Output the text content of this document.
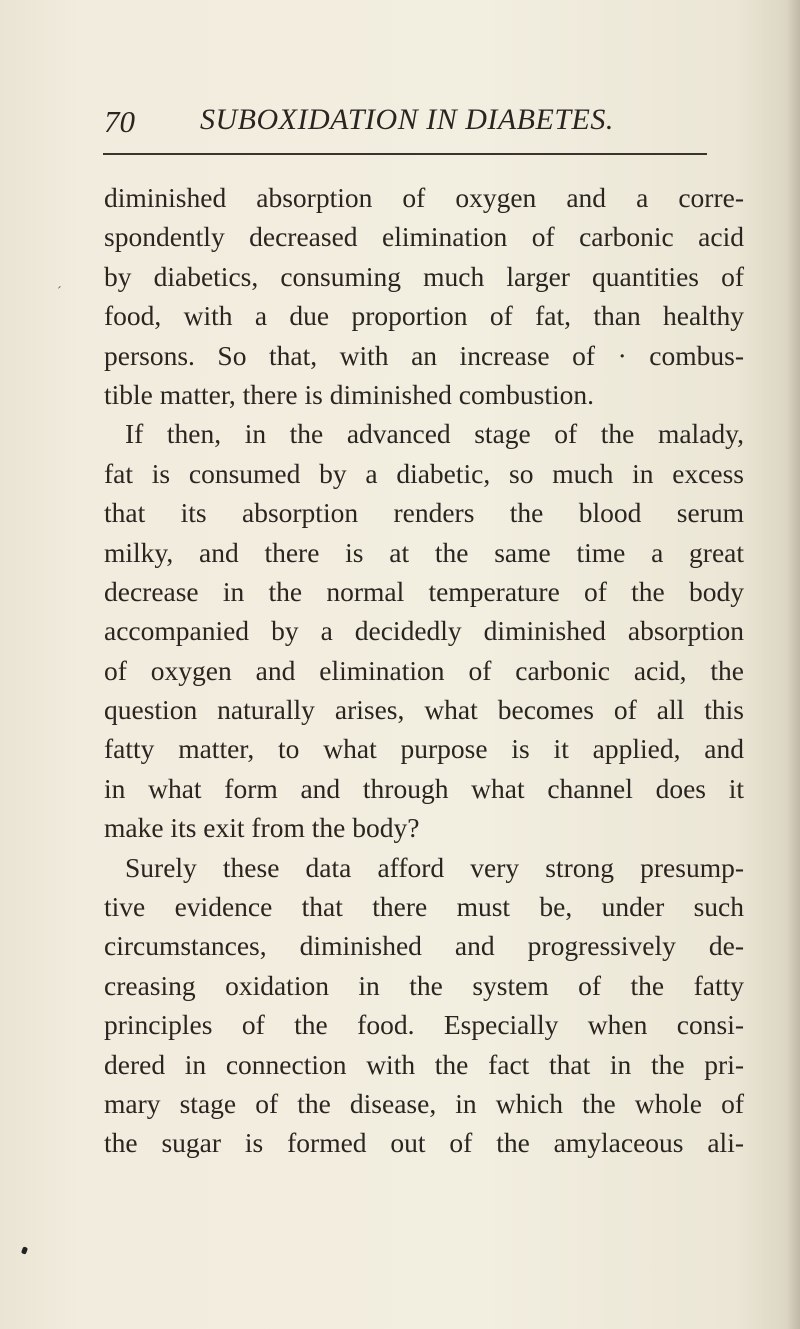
70 SUBOXIDATION IN DIABETES.
ˊ
diminished absorption of oxygen and a corre-
spondently decreased elimination of carbonic acid
by diabetics, consuming much larger quantities of
food, with a due proportion of fat, than healthy
persons. So that, with an increase of · combus-
tible matter, there is diminished combustion.
If then, in the advanced stage of the malady,
fat is consumed by a diabetic, so much in excess
that its absorption renders the blood serum
milky, and there is at the same time a great
decrease in the normal temperature of the body
accompanied by a decidedly diminished absorption
of oxygen and elimination of carbonic acid, the
question naturally arises, what becomes of all this
fatty matter, to what purpose is it applied, and
in what form and through what channel does it
make its exit from the body?
Surely these data afford very strong presump-
tive evidence that there must be, under such
circumstances, diminished and progressively de-
creasing oxidation in the system of the fatty
principles of the food. Especially when consi-
dered in connection with the fact that in the pri-
mary stage of the disease, in which the whole of
the sugar is formed out of the amylaceous ali-
